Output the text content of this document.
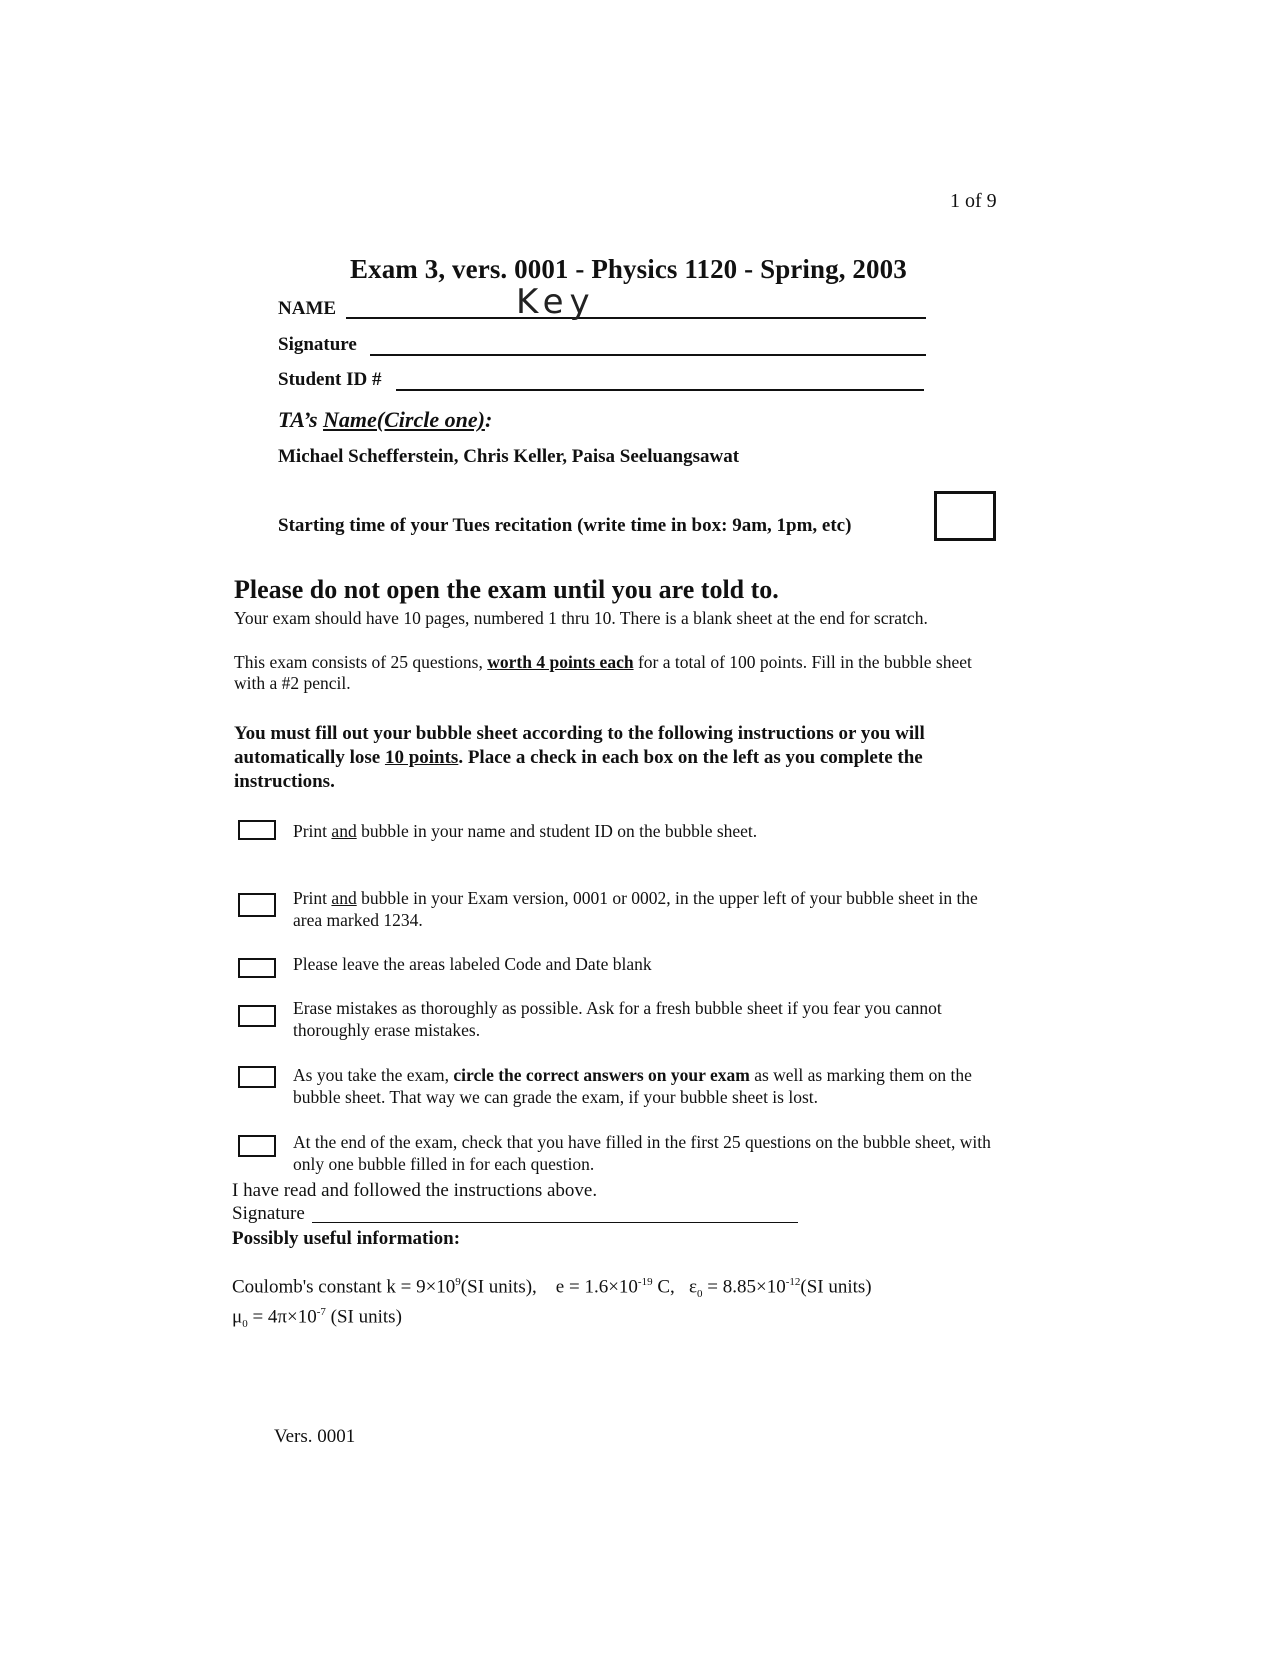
1 of 9
Exam 3, vers. 0001 - Physics 1120 - Spring, 2003
NAME	Key
Signature
Student ID #
TA’s Name(Circle one):
Michael Schefferstein, Chris Keller, Paisa Seeluangsawat
Starting time of your Tues recitation (write time in box: 9am, 1pm, etc)
Please do not open the exam until you are told to.
Your exam should have 10 pages, numbered 1 thru 10. There is a blank sheet at the end for scratch.
This exam consists of 25 questions, worth 4 points each for a total of 100 points. Fill in the bubble sheet with a #2 pencil.
You must fill out your bubble sheet according to the following instructions or you will automatically lose 10 points. Place a check in each box on the left as you complete the instructions.
Print and bubble in your name and student ID on the bubble sheet.
Print and bubble in your Exam version, 0001 or 0002, in the upper left of your bubble sheet in the area marked 1234.
Please leave the areas labeled Code and Date blank
Erase mistakes as thoroughly as possible. Ask for a fresh bubble sheet if you fear you cannot thoroughly erase mistakes.
As you take the exam, circle the correct answers on your exam as well as marking them on the bubble sheet. That way we can grade the exam, if your bubble sheet is lost.
At the end of the exam, check that you have filled in the first 25 questions on the bubble sheet, with only one bubble filled in for each question.
I have read and followed the instructions above.
Signature
Possibly useful information:
Coulomb's constant $k = 9\times 10^9(SI$ units), $e = 1.6\times 10^{-19}$ C, $\varepsilon_0 = 8.85\times 10^{-12}(SI$ units)
$\mu_0 = 4\pi\times 10^{-7}$ (SI units)
Vers. 0001
